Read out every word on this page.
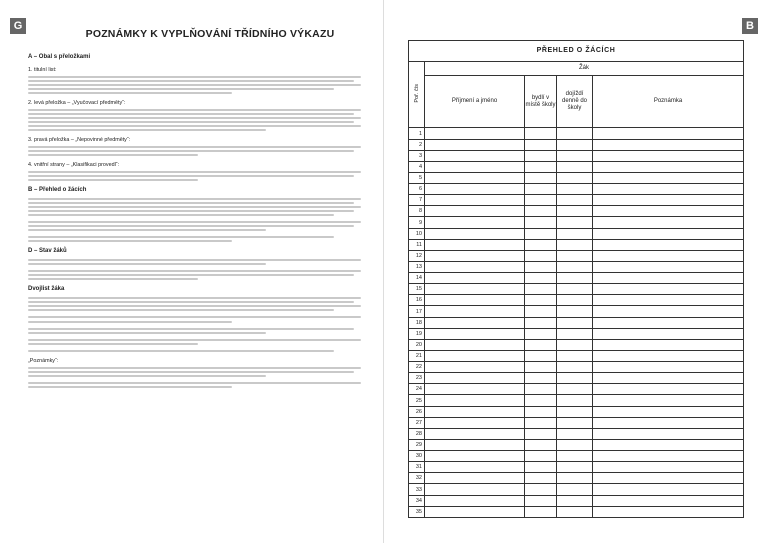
G
POZNÁMKY K VYPLŇOVÁNÍ TŘÍDNÍHO VÝKAZU
A – Obal s přeložkami
1. titulní list:
2. levá přeložka – „Vyučovací předměty“:
3. pravá přeložka – „Nepovinné předměty“:
4. vnitřní strany – „Klasifikaci provedl“:
B – Přehled o žácích
D – Stav žáků
Dvojlist žáka
„Poznámky“:
B
PŘEHLED O ŽÁCÍCH				
Poř. čís	Žák			
	Příjmení a jméno	bydlí v místě školy	dojíždí denně do školy	Poznámka
1				
2				
3				
4				
5				
6				
7				
8				
9				
10				
11				
12				
13				
14				
15				
16				
17				
18				
19				
20				
21				
22				
23				
24				
25				
26				
27				
28				
29				
30				
31				
32				
33				
34				
35				
